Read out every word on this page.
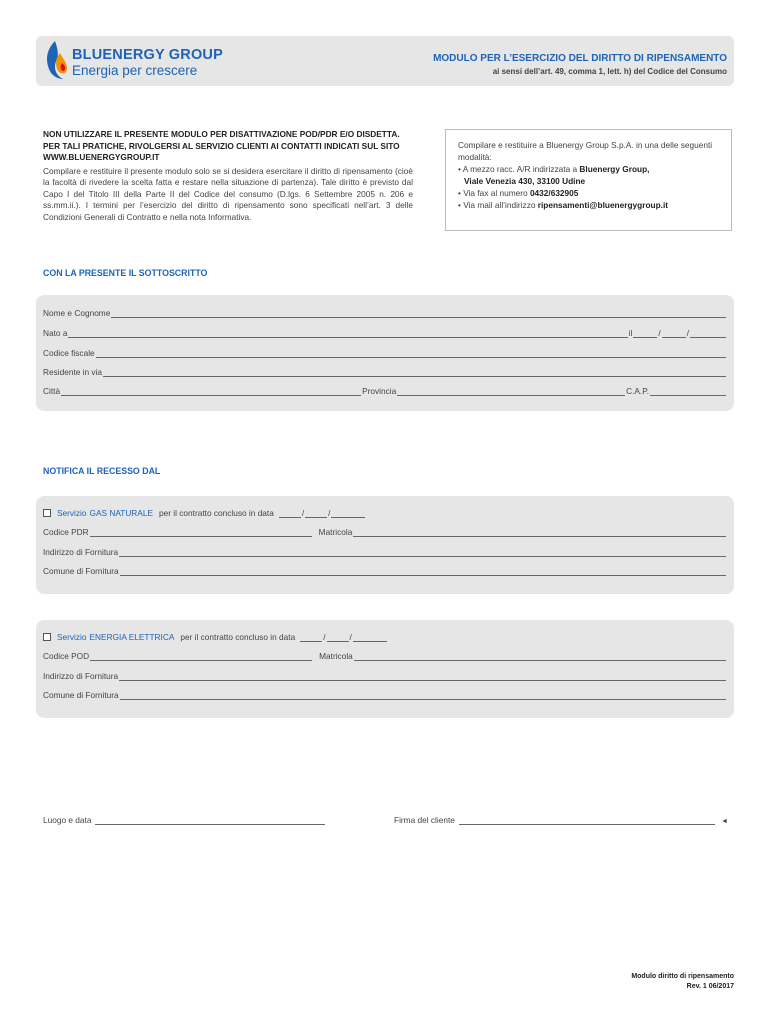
BLUENERGY GROUP
Energia per crescere
MODULO PER L’ESERCIZIO DEL DIRITTO DI RIPENSAMENTO
ai sensi dell’art. 49, comma 1, lett. h) del Codice del Consumo
NON UTILIZZARE IL PRESENTE MODULO PER DISATTIVAZIONE POD/PDR E/O DISDETTA. PER TALI PRATICHE, RIVOLGERSI AL SERVIZIO CLIENTI AI CONTATTI INDICATI SUL SITO WWW.BLUENERGYGROUP.IT
Compilare e restituire il presente modulo solo se si desidera esercitare il diritto di ripensamento (cioè la facoltà di rivedere la scelta fatta e restare nella situazione di partenza). Tale diritto è previsto dal Capo I del Titolo III della Parte II del Codice del consumo (D.lgs. 6 Settembre 2005 n. 206 e ss.mm.ii.). I termini per l’esercizio del diritto di ripensamento sono specificati nell’art. 3 delle Condizioni Generali di Contratto e nella nota Informativa.
Compilare e restituire a Bluenergy Group S.p.A. in una delle seguenti modalità:
• A mezzo racc. A/R indirizzata a Bluenergy Group,
Viale Venezia 430, 33100 Udine
• Via fax al numero 0432/632905
• Via mail all’indirizzo ripensamenti@bluenergygroup.it
CON LA PRESENTE IL SOTTOSCRITTO
Nome e Cognome
Nato a	il	/	/
Codice fiscale
Residente in via
Città	Provincia	C.A.P.
NOTIFICA IL RECESSO DAL
Servizio GAS NATURALE per il contratto concluso in data	/	/
Codice PDR	Matricola
Indirizzo di Fornitura
Comune di Fornitura
Servizio ENERGIA ELETTRICA per il contratto concluso in data	/	/
Codice POD	Matricola
Indirizzo di Fornitura
Comune di Fornitura
Luogo e data	Firma del cliente	◄
Modulo diritto di ripensamento
Rev. 1 06/2017
